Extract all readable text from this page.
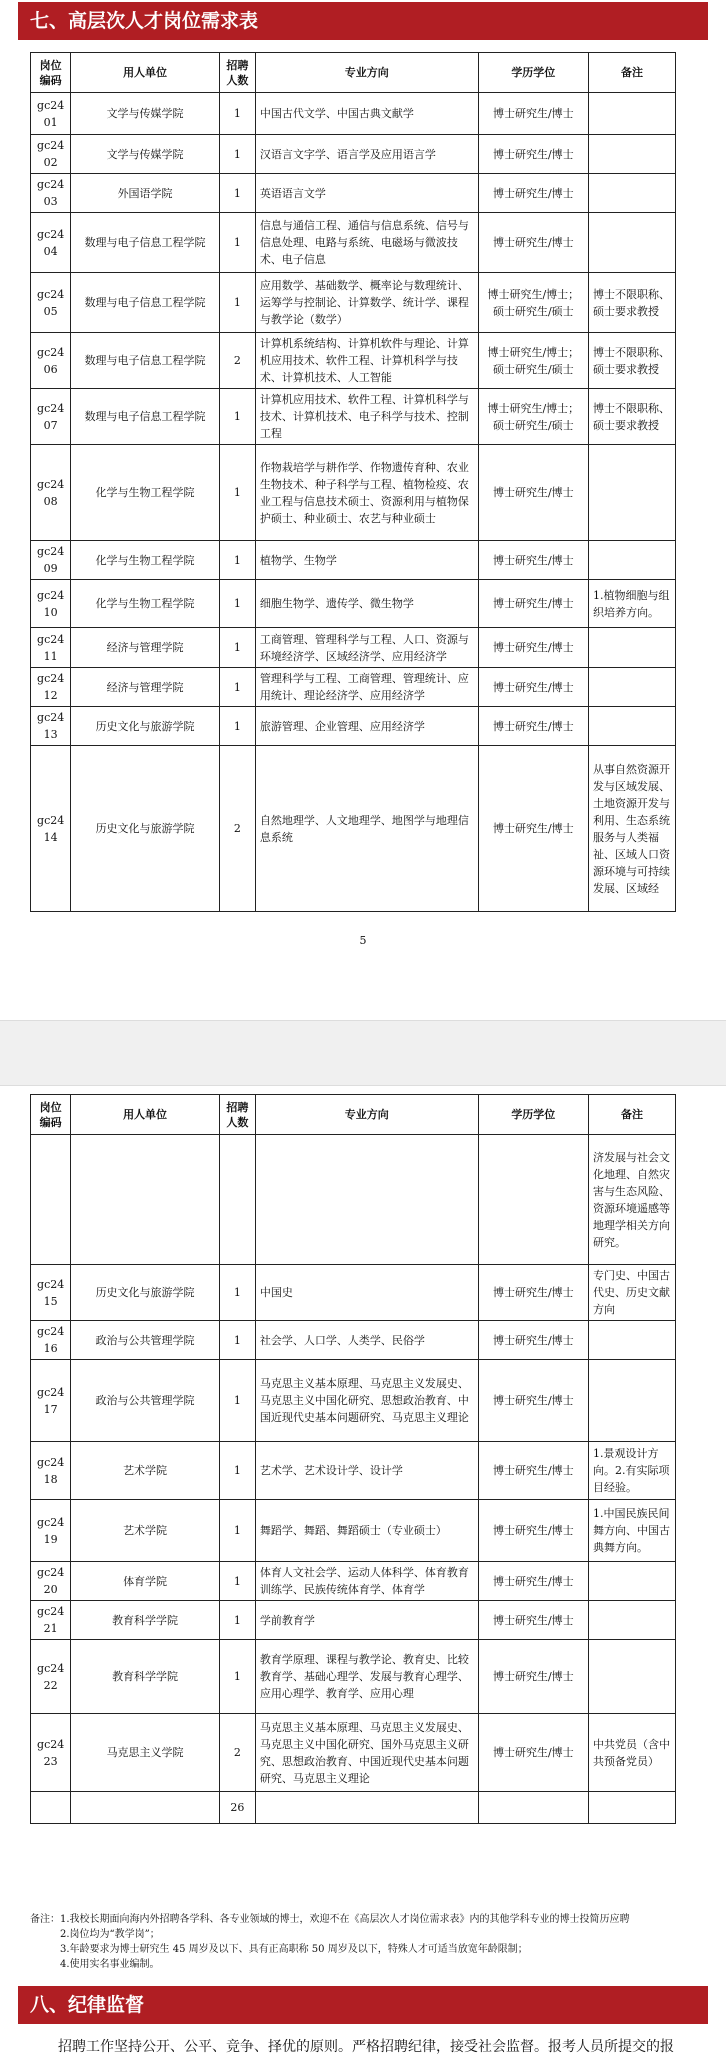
七、高层次人才岗位需求表
岗位编码	用人单位	招聘人数	专业方向	学历学位	备注
gc2401	文学与传媒学院	1	中国古代文学、中国古典文献学	博士研究生/博士	
gc2402	文学与传媒学院	1	汉语言文字学、语言学及应用语言学	博士研究生/博士	
gc2403	外国语学院	1	英语语言文学	博士研究生/博士	
gc2404	数理与电子信息工程学院	1	信息与通信工程、通信与信息系统、信号与信息处理、电路与系统、电磁场与微波技术、电子信息	博士研究生/博士	
gc2405	数理与电子信息工程学院	1	应用数学、基础数学、概率论与数理统计、运筹学与控制论、计算数学、统计学、课程与教学论（数学）	博士研究生/博士；硕士研究生/硕士	博士不限职称、硕士要求教授
gc2406	数理与电子信息工程学院	2	计算机系统结构、计算机软件与理论、计算机应用技术、软件工程、计算机科学与技术、计算机技术、人工智能	博士研究生/博士；硕士研究生/硕士	博士不限职称、硕士要求教授
gc2407	数理与电子信息工程学院	1	计算机应用技术、软件工程、计算机科学与技术、计算机技术、电子科学与技术、控制工程	博士研究生/博士；硕士研究生/硕士	博士不限职称、硕士要求教授
gc2408	化学与生物工程学院	1	作物栽培学与耕作学、作物遗传育种、农业生物技术、种子科学与工程、植物检疫、农业工程与信息技术硕士、资源利用与植物保护硕士、种业硕士、农艺与种业硕士	博士研究生/博士	
gc2409	化学与生物工程学院	1	植物学、生物学	博士研究生/博士	
gc2410	化学与生物工程学院	1	细胞生物学、遗传学、微生物学	博士研究生/博士	1.植物细胞与组织培养方向。
gc2411	经济与管理学院	1	工商管理、管理科学与工程、人口、资源与环境经济学、区域经济学、应用经济学	博士研究生/博士	
gc2412	经济与管理学院	1	管理科学与工程、工商管理、管理统计、应用统计、理论经济学、应用经济学	博士研究生/博士	
gc2413	历史文化与旅游学院	1	旅游管理、企业管理、应用经济学	博士研究生/博士	
gc2414	历史文化与旅游学院	2	自然地理学、人文地理学、地图学与地理信息系统	博士研究生/博士	从事自然资源开发与区域发展、土地资源开发与利用、生态系统服务与人类福祉、区域人口资源环境与可持续发展、区域经
5
岗位编码	用人单位	招聘人数	专业方向	学历学位	备注
					济发展与社会文化地理、自然灾害与生态风险、资源环境遥感等地理学相关方向研究。
gc2415	历史文化与旅游学院	1	中国史	博士研究生/博士	专门史、中国古代史、历史文献方向
gc2416	政治与公共管理学院	1	社会学、人口学、人类学、民俗学	博士研究生/博士	
gc2417	政治与公共管理学院	1	马克思主义基本原理、马克思主义发展史、马克思主义中国化研究、思想政治教育、中国近现代史基本问题研究、马克思主义理论	博士研究生/博士	
gc2418	艺术学院	1	艺术学、艺术设计学、设计学	博士研究生/博士	1.景观设计方向。2.有实际项目经验。
gc2419	艺术学院	1	舞蹈学、舞蹈、舞蹈硕士（专业硕士）	博士研究生/博士	1.中国民族民间舞方向、中国古典舞方向。
gc2420	体育学院	1	体育人文社会学、运动人体科学、体育教育训练学、民族传统体育学、体育学	博士研究生/博士	
gc2421	教育科学学院	1	学前教育学	博士研究生/博士	
gc2422	教育科学学院	1	教育学原理、课程与教学论、教育史、比较教育学、基础心理学、发展与教育心理学、应用心理学、教育学、应用心理	博士研究生/博士	
gc2423	马克思主义学院	2	马克思主义基本原理、马克思主义发展史、马克思主义中国化研究、国外马克思主义研究、思想政治教育、中国近现代史基本问题研究、马克思主义理论	博士研究生/博士	中共党员（含中共预备党员）
		26			

备注：1.我校长期面向海内外招聘各学科、各专业领域的博士，欢迎不在《高层次人才岗位需求表》内的其他学科专业的博士投简历应聘

2.岗位均为“教学岗”；

3.年龄要求为博士研究生 45 周岁及以下、具有正高职称 50 周岁及以下，特殊人才可适当放宽年龄限制；

4.使用实名事业编制。

八、纪律监督
招聘工作坚持公开、公平、竞争、择优的原则。严格招聘纪律，接受社会监督。报考人员所提交的报
